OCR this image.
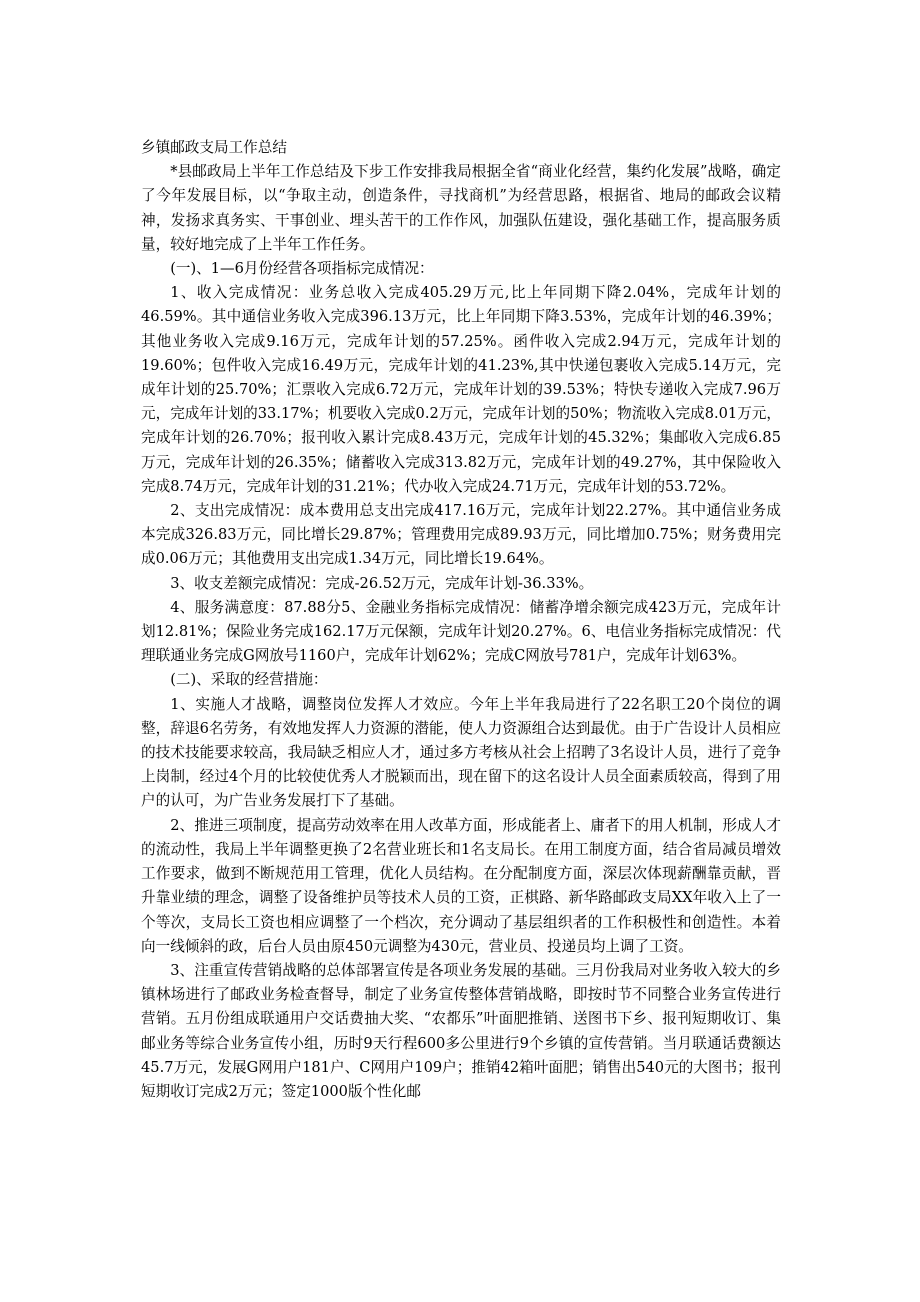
乡镇邮政支局工作总结

*县邮政局上半年工作总结及下步工作安排我局根据全省“商业化经营，集约化发展”战略，确定了今年发展目标，以“争取主动，创造条件，寻找商机”为经营思路，根据省、地局的邮政会议精神，发扬求真务实、干事创业、埋头苦干的工作作风，加强队伍建设，强化基础工作，提高服务质量，较好地完成了上半年工作任务。

(一)、1—6月份经营各项指标完成情况：

1、收入完成情况：业务总收入完成405.29万元,比上年同期下降2.04%，完成年计划的46.59%。其中通信业务收入完成396.13万元，比上年同期下降3.53%，完成年计划的46.39%；其他业务收入完成9.16万元，完成年计划的57.25%。函件收入完成2.94万元，完成年计划的19.60%；包件收入完成16.49万元，完成年计划的41.23%,其中快递包裹收入完成5.14万元，完成年计划的25.70%；汇票收入完成6.72万元，完成年计划的39.53%；特快专递收入完成7.96万元，完成年计划的33.17%；机要收入完成0.2万元，完成年计划的50%；物流收入完成8.01万元，完成年计划的26.70%；报刊收入累计完成8.43万元，完成年计划的45.32%；集邮收入完成6.85万元，完成年计划的26.35%；储蓄收入完成313.82万元，完成年计划的49.27%，其中保险收入完成8.74万元，完成年计划的31.21%；代办收入完成24.71万元，完成年计划的53.72%。

2、支出完成情况：成本费用总支出完成417.16万元，完成年计划22.27%。其中通信业务成本完成326.83万元，同比增长29.87%；管理费用完成89.93万元，同比增加0.75%；财务费用完成0.06万元；其他费用支出完成1.34万元，同比增长19.64%。

3、收支差额完成情况：完成-26.52万元，完成年计划-36.33%。

4、服务满意度：87.88分5、金融业务指标完成情况：储蓄净增余额完成423万元，完成年计划12.81%；保险业务完成162.17万元保额，完成年计划20.27%。6、电信业务指标完成情况：代理联通业务完成G网放号1160户，完成年计划62%；完成C网放号781户，完成年计划63%。

(二)、采取的经营措施：

1、实施人才战略，调整岗位发挥人才效应。今年上半年我局进行了22名职工20个岗位的调整，辞退6名劳务，有效地发挥人力资源的潜能，使人力资源组合达到最优。由于广告设计人员相应的技术技能要求较高，我局缺乏相应人才，通过多方考核从社会上招聘了3名设计人员，进行了竞争上岗制，经过4个月的比较使优秀人才脱颖而出，现在留下的这名设计人员全面素质较高，得到了用户的认可，为广告业务发展打下了基础。

2、推进三项制度，提高劳动效率在用人改革方面，形成能者上、庸者下的用人机制，形成人才的流动性，我局上半年调整更换了2名营业班长和1名支局长。在用工制度方面，结合省局减员增效工作要求，做到不断规范用工管理，优化人员结构。在分配制度方面，深层次体现薪酬靠贡献，晋升靠业绩的理念，调整了设备维护员等技术人员的工资，正棋路、新华路邮政支局XX年收入上了一个等次，支局长工资也相应调整了一个档次，充分调动了基层组织者的工作积极性和创造性。本着向一线倾斜的政，后台人员由原450元调整为430元，营业员、投递员均上调了工资。

3、注重宣传营销战略的总体部署宣传是各项业务发展的基础。三月份我局对业务收入较大的乡镇林场进行了邮政业务检查督导，制定了业务宣传整体营销战略，即按时节不同整合业务宣传进行营销。五月份组成联通用户交话费抽大奖、“农都乐”叶面肥推销、送图书下乡、报刊短期收订、集邮业务等综合业务宣传小组，历时9天行程600多公里进行9个乡镇的宣传营销。当月联通话费额达45.7万元，发展G网用户181户、C网用户109户；推销42箱叶面肥；销售出540元的大图书；报刊短期收订完成2万元；签定1000版个性化邮
